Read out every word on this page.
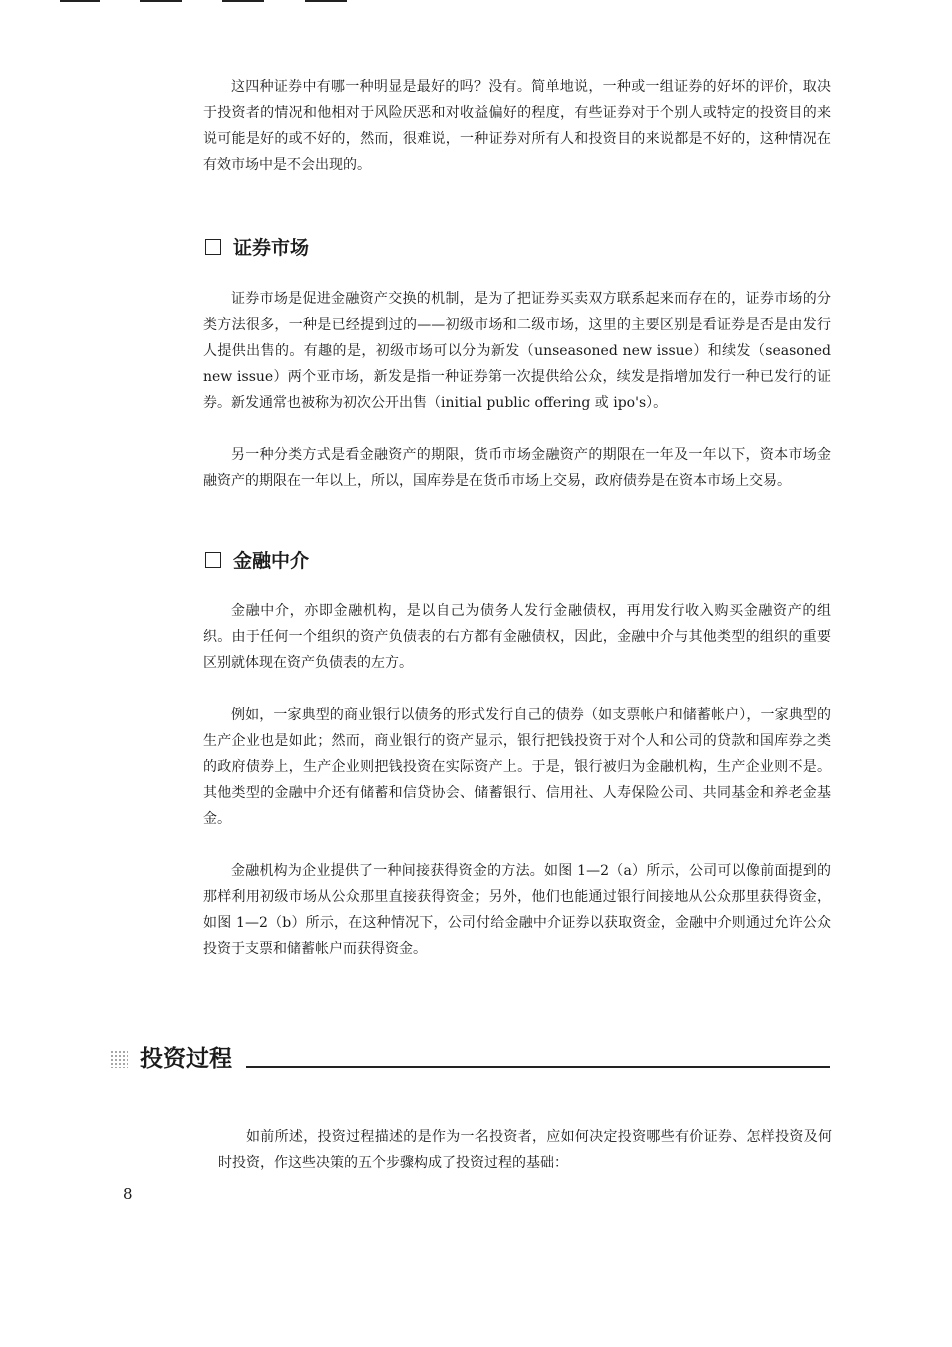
这四种证券中有哪一种明显是最好的吗？没有。简单地说，一种或一组证券的好坏的评价，取决于投资者的情况和他相对于风险厌恶和对收益偏好的程度，有些证券对于个别人或特定的投资目的来说可能是好的或不好的，然而，很难说，一种证券对所有人和投资目的来说都是不好的，这种情况在有效市场中是不会出现的。

证券市场

证券市场是促进金融资产交换的机制，是为了把证券买卖双方联系起来而存在的，证券市场的分类方法很多，一种是已经提到过的——初级市场和二级市场，这里的主要区别是看证券是否是由发行人提供出售的。有趣的是，初级市场可以分为新发（unseasoned new issue）和续发（seasoned new issue）两个亚市场，新发是指一种证券第一次提供给公众，续发是指增加发行一种已发行的证券。新发通常也被称为初次公开出售（initial public offering 或 ipo's）。

另一种分类方式是看金融资产的期限，货币市场金融资产的期限在一年及一年以下，资本市场金融资产的期限在一年以上，所以，国库券是在货币市场上交易，政府债券是在资本市场上交易。

金融中介

金融中介，亦即金融机构，是以自己为债务人发行金融债权，再用发行收入购买金融资产的组织。由于任何一个组织的资产负债表的右方都有金融债权，因此，金融中介与其他类型的组织的重要区别就体现在资产负债表的左方。

例如，一家典型的商业银行以债务的形式发行自己的债券（如支票帐户和储蓄帐户），一家典型的生产企业也是如此；然而，商业银行的资产显示，银行把钱投资于对个人和公司的贷款和国库券之类的政府债券上，生产企业则把钱投资在实际资产上。于是，银行被归为金融机构，生产企业则不是。其他类型的金融中介还有储蓄和信贷协会、储蓄银行、信用社、人寿保险公司、共同基金和养老金基金。

金融机构为企业提供了一种间接获得资金的方法。如图 1—2（a）所示，公司可以像前面提到的那样利用初级市场从公众那里直接获得资金；另外，他们也能通过银行间接地从公众那里获得资金，如图 1—2（b）所示，在这种情况下，公司付给金融中介证券以获取资金，金融中介则通过允许公众投资于支票和储蓄帐户而获得资金。

投资过程

如前所述，投资过程描述的是作为一名投资者，应如何决定投资哪些有价证券、怎样投资及何时投资，作这些决策的五个步骤构成了投资过程的基础：

8
